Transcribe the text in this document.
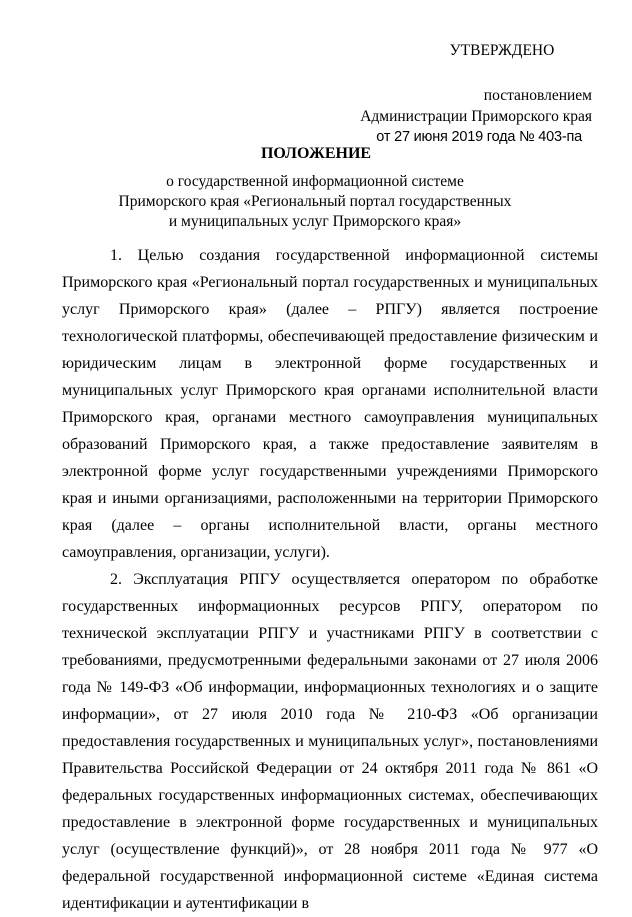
УТВЕРЖДЕНО
постановлением
Администрации Приморского края
от 27 июня 2019 года № 403-па
ПОЛОЖЕНИЕ
о государственной информационной системе
Приморского края «Региональный портал государственных
и муниципальных услуг Приморского края»

1. Целью создания государственной информационной системы Приморского края «Региональный портал государственных и муниципальных услуг Приморского края» (далее – РПГУ) является построение технологической платформы, обеспечивающей предоставление физическим и юридическим лицам в электронной форме государственных и муниципальных услуг Приморского края органами исполнительной власти Приморского края, органами местного самоуправления муниципальных образований Приморского края, а также предоставление заявителям в электронной форме услуг государственными учреждениями Приморского края и иными организациями, расположенными на территории Приморского края (далее – органы исполнительной власти, органы местного самоуправления, организации, услуги).

2. Эксплуатация РПГУ осуществляется оператором по обработке государственных информационных ресурсов РПГУ, оператором по технической эксплуатации РПГУ и участниками РПГУ в соответствии с требованиями, предусмотренными федеральными законами от 27 июля 2006 года № 149-ФЗ «Об информации, информационных технологиях и о защите информации», от 27 июля 2010 года № 210-ФЗ «Об организации предоставления государственных и муниципальных услуг», постановлениями Правительства Российской Федерации от 24 октября 2011 года № 861 «О федеральных государственных информационных системах, обеспечивающих предоставление в электронной форме государственных и муниципальных услуг (осуществление функций)», от 28 ноября 2011 года № 977 «О федеральной государственной информационной системе «Единая система идентификации и аутентификации в
